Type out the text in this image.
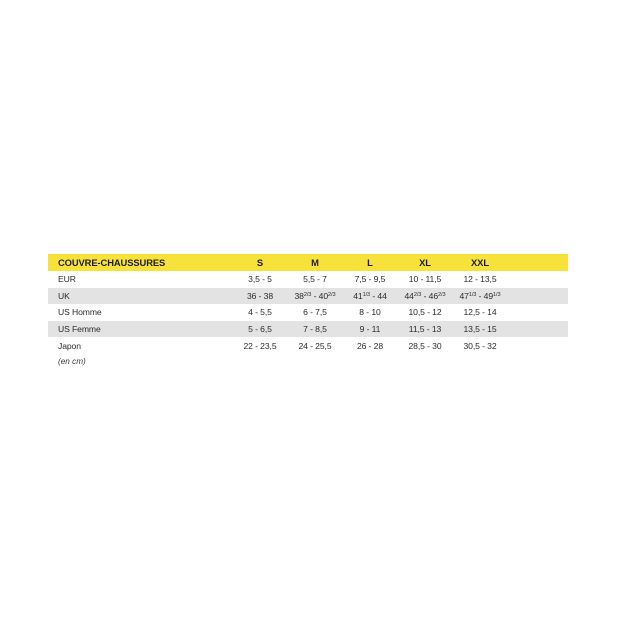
COUVRE-CHAUSSURES	S	M	L	XL	XXL
EUR	3,5 - 5	5,5 - 7	7,5 - 9,5	10 - 11,5	12 - 13,5
UK	36 - 38	$38^{2/3} - 40^{2/3}$	$41^{1/3} - 44$	$44^{2/3} - 46^{2/3}$	$47^{1/3} - 49^{1/3}$
US Homme	4 - 5,5	6 - 7,5	8 - 10	10,5 - 12	12,5 - 14
US Femme	5 - 6,5	7 - 8,5	9 - 11	11,5 - 13	13,5 - 15
Japon	22 - 23,5	24 - 25,5	26 - 28	28,5 - 30	30,5 - 32
(en cm)
